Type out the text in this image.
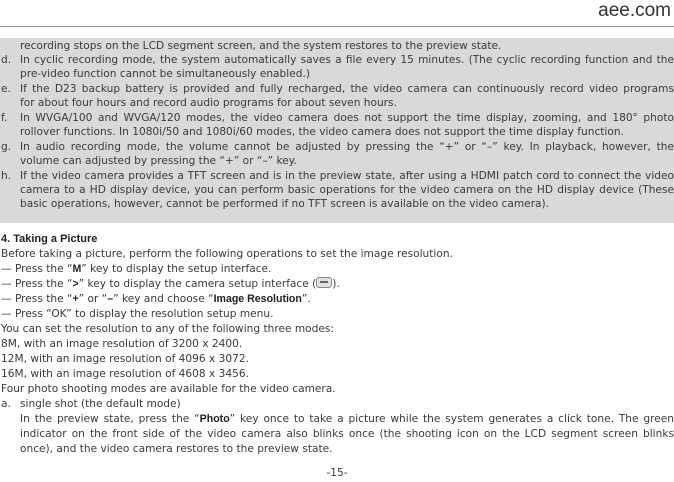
aee.com
recording stops on the LCD segment screen, and the system restores to the preview state.
d. In cyclic recording mode, the system automatically saves a file every 15 minutes. (The cyclic recording function and the
pre-video function cannot be simultaneously enabled.)
e. If the D23 backup battery is provided and fully recharged, the video camera can continuously record video programs
for about four hours and record audio programs for about seven hours.
f. In WVGA/100 and WVGA/120 modes, the video camera does not support the time display, zooming, and 180° photo
rollover functions. In 1080i/50 and 1080i/60 modes, the video camera does not support the time display function.
g. In audio recording mode, the volume cannot be adjusted by pressing the “+” or “–” key. In playback, however, the
volume can adjusted by pressing the “+” or “–” key.
h. If the video camera provides a TFT screen and is in the preview state, after using a HDMI patch cord to connect the video
camera to a HD display device, you can perform basic operations for the video camera on the HD display device (These
basic operations, however, cannot be performed if no TFT screen is available on the video camera).
4. Taking a Picture
Before taking a picture, perform the following operations to set the image resolution.
— Press the “M” key to display the setup interface.
— Press the “>” key to display the camera setup interface ( ).
— Press the “+” or “–” key and choose “Image Resolution”.
— Press “OK” to display the resolution setup menu.
You can set the resolution to any of the following three modes:
8M, with an image resolution of 3200 x 2400.
12M, with an image resolution of 4096 x 3072.
16M, with an image resolution of 4608 x 3456.
Four photo shooting modes are available for the video camera.
a. single shot (the default mode)
In the preview state, press the “Photo” key once to take a picture while the system generates a click tone. The green
indicator on the front side of the video camera also blinks once (the shooting icon on the LCD segment screen blinks
once), and the video camera restores to the preview state.
-15-
